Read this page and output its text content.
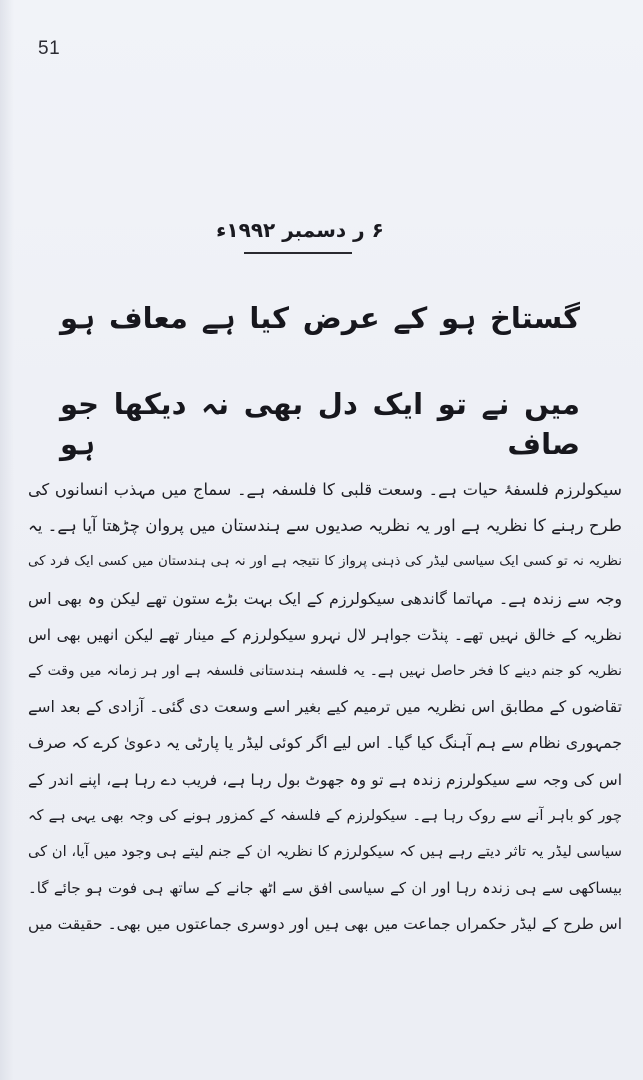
51
۶ ر دسمبر ۱۹۹۲ء
گستاخ ہو کے عرض کیا ہے معاف ہو
میں نے تو ایک دل بھی نہ دیکھا جو صاف ہو
سیکولرزم فلسفۂ حیات ہے۔ وسعت قلبی کا فلسفہ ہے۔ سماج میں مہذب انسانوں کی
طرح رہنے کا نظریہ ہے اور یہ نظریہ صدیوں سے ہندستان میں پروان چڑھتا آیا ہے۔ یہ
نظریہ نہ تو کسی ایک سیاسی لیڈر کی ذہنی پرواز کا نتیجہ ہے اور نہ ہی ہندستان میں کسی ایک فرد کی
وجہ سے زندہ ہے۔ مہاتما گاندھی سیکولرزم کے ایک بہت بڑے ستون تھے لیکن وہ بھی اس
نظریہ کے خالق نہیں تھے۔ پنڈت جواہر لال نہرو سیکولرزم کے مینار تھے لیکن انھیں بھی اس
نظریہ کو جنم دینے کا فخر حاصل نہیں ہے۔ یہ فلسفہ ہندستانی فلسفہ ہے اور ہر زمانہ میں وقت کے
تقاضوں کے مطابق اس نظریہ میں ترمیم کیے بغیر اسے وسعت دی گئی۔ آزادی کے بعد اسے
جمہوری نظام سے ہم آہنگ کیا گیا۔ اس لیے اگر کوئی لیڈر یا پارٹی یہ دعویٰ کرے کہ صرف
اس کی وجہ سے سیکولرزم زندہ ہے تو وہ جھوٹ بول رہا ہے، فریب دے رہا ہے، اپنے اندر کے
چور کو باہر آنے سے روک رہا ہے۔ سیکولرزم کے فلسفہ کے کمزور ہونے کی وجہ بھی یہی ہے کہ
سیاسی لیڈر یہ تاثر دیتے رہے ہیں کہ سیکولرزم کا نظریہ ان کے جنم لیتے ہی وجود میں آیا، ان کی
بیساکھی سے ہی زندہ رہا اور ان کے سیاسی افق سے اٹھ جانے کے ساتھ ہی فوت ہو جائے گا۔
اس طرح کے لیڈر حکمراں جماعت میں بھی ہیں اور دوسری جماعتوں میں بھی۔ حقیقت میں
